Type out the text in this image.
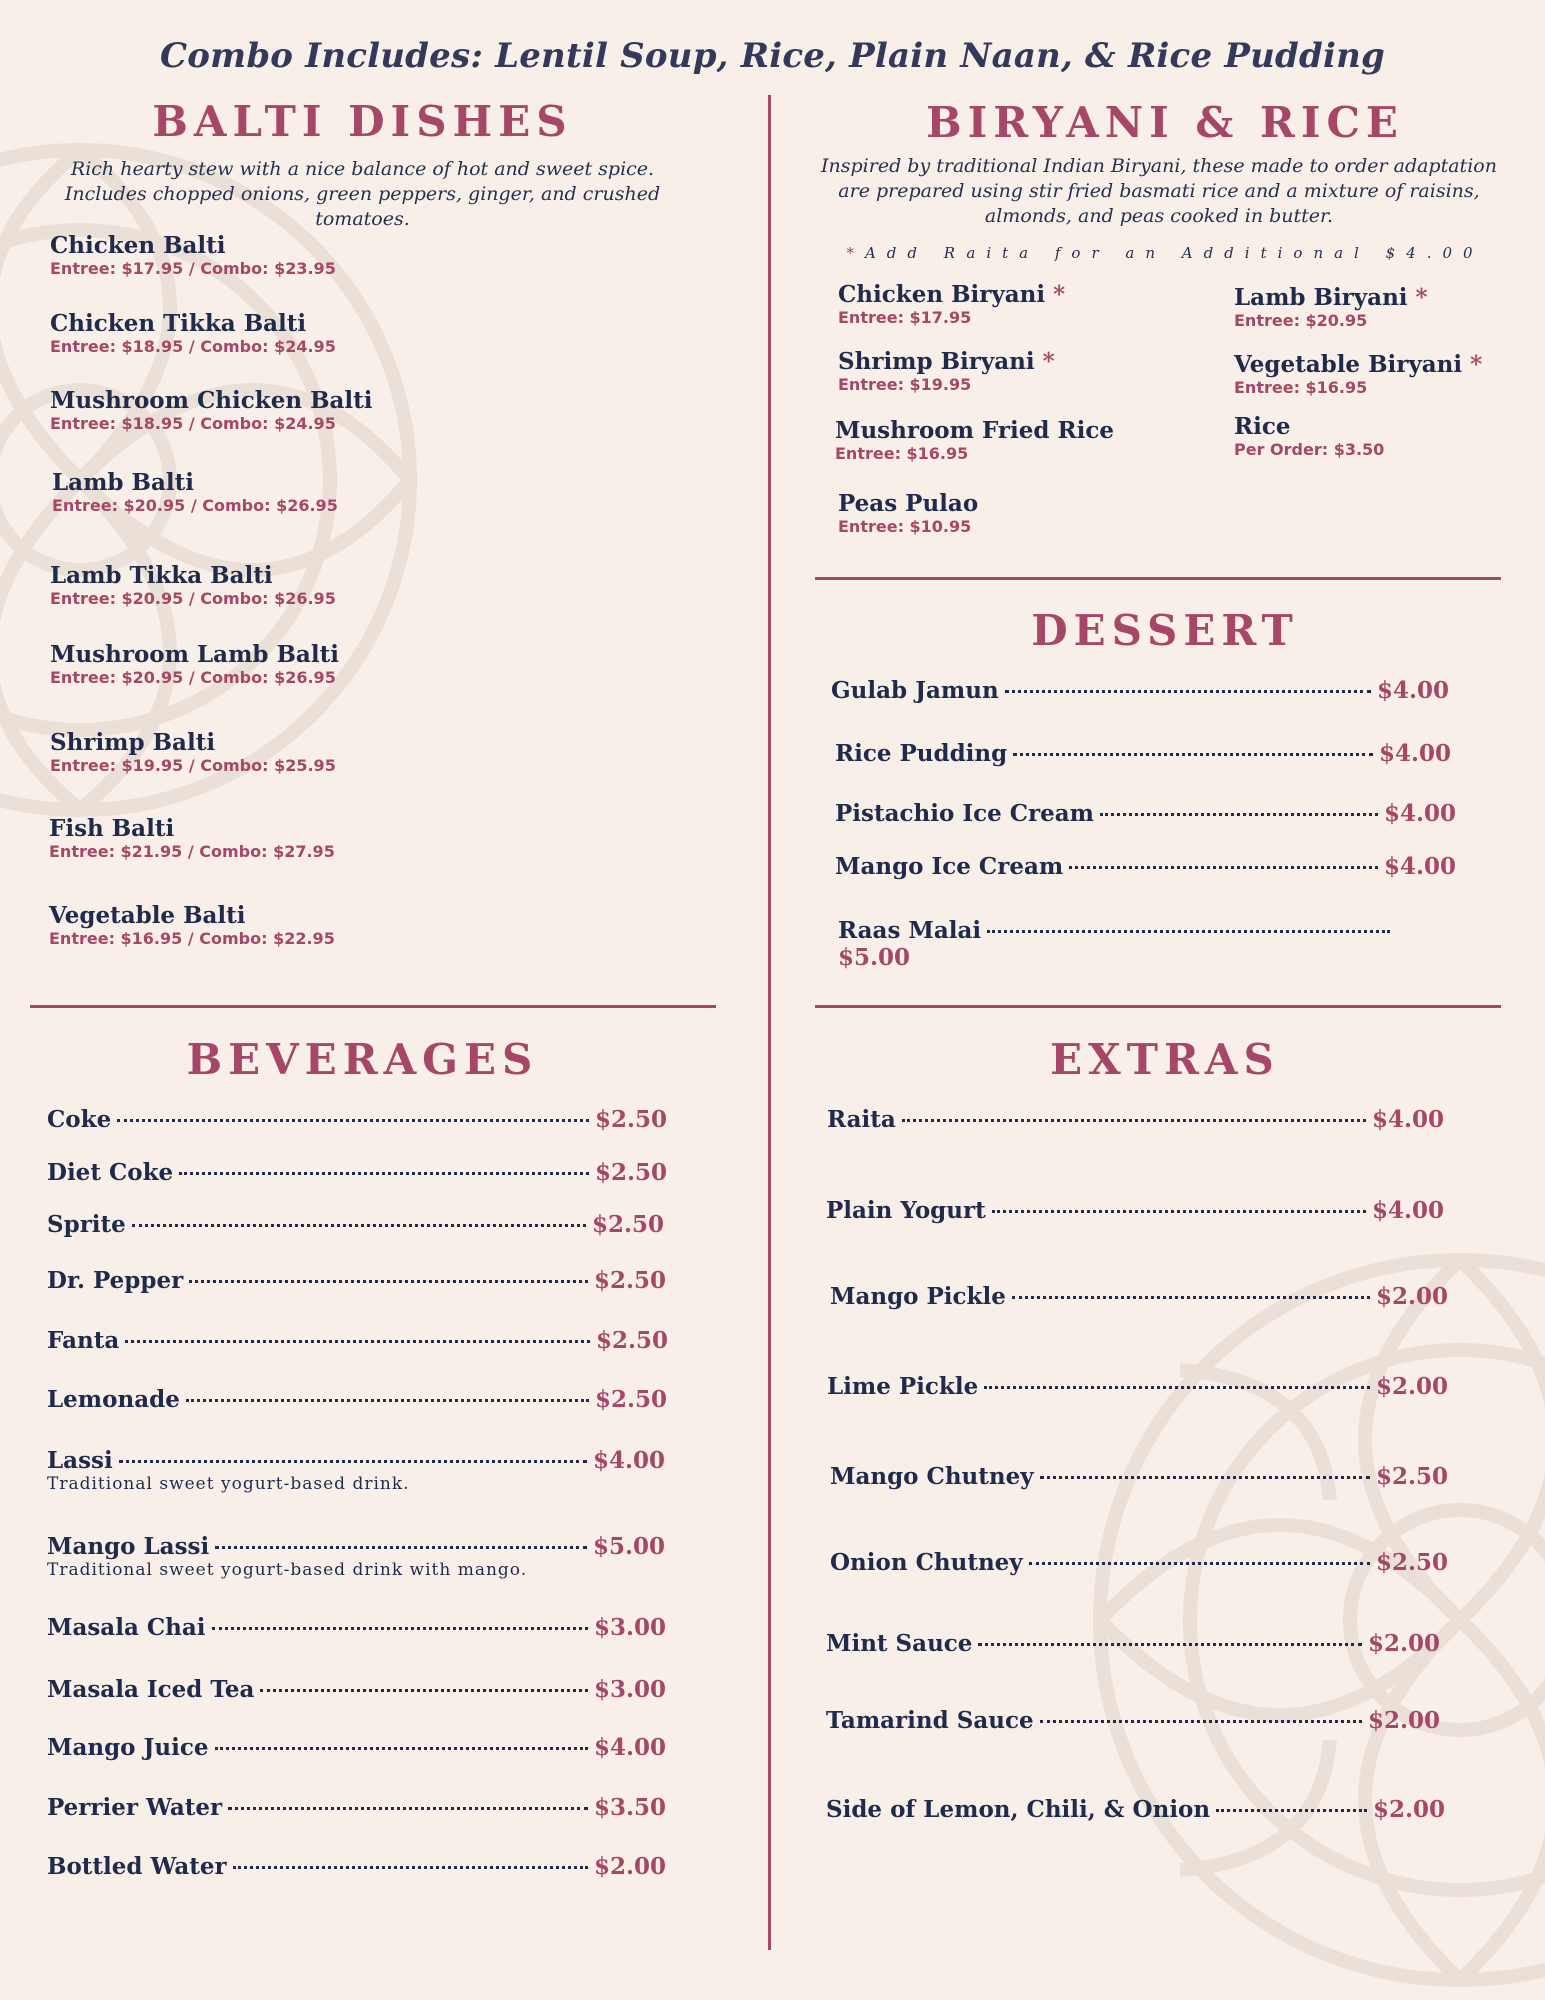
Combo Includes: Lentil Soup, Rice, Plain Naan, & Rice Pudding
BALTI DISHES
Rich hearty stew with a nice balance of hot and sweet spice. Includes chopped onions, green peppers, ginger, and crushed tomatoes.
Chicken Balti
Entree: $17.95 / Combo: $23.95
Chicken Tikka Balti
Entree: $18.95 / Combo: $24.95
Mushroom Chicken Balti
Entree: $18.95 / Combo: $24.95
Lamb Balti
Entree: $20.95 / Combo: $26.95
Lamb Tikka Balti
Entree: $20.95 / Combo: $26.95
Mushroom Lamb Balti
Entree: $20.95 / Combo: $26.95
Shrimp Balti
Entree: $19.95 / Combo: $25.95
Fish Balti
Entree: $21.95 / Combo: $27.95
Vegetable Balti
Entree: $16.95 / Combo: $22.95
BIRYANI & RICE
Inspired by traditional Indian Biryani, these made to order adaptation are prepared using stir fried basmati rice and a mixture of raisins, almonds, and peas cooked in butter.
*Add Raita for an Additional $4.00
Chicken Biryani *
Entree: $17.95
Shrimp Biryani *
Entree: $19.95
Mushroom Fried Rice
Entree: $16.95
Peas Pulao
Entree: $10.95
Lamb Biryani *
Entree: $20.95
Vegetable Biryani *
Entree: $16.95
Rice
Per Order: $3.50
DESSERT
Gulab Jamun	$4.00
Rice Pudding	$4.00
Pistachio Ice Cream	$4.00
Mango Ice Cream	$4.00
Raas Malai
$5.00
BEVERAGES
Coke	$2.50
Diet Coke	$2.50
Sprite	$2.50
Dr. Pepper	$2.50
Fanta	$2.50
Lemonade	$2.50
Lassi	$4.00
Traditional sweet yogurt-based drink.
Mango Lassi	$5.00
Traditional sweet yogurt-based drink with mango.
Masala Chai	$3.00
Masala Iced Tea	$3.00
Mango Juice	$4.00
Perrier Water	$3.50
Bottled Water	$2.00
EXTRAS
Raita	$4.00
Plain Yogurt	$4.00
Mango Pickle	$2.00
Lime Pickle	$2.00
Mango Chutney	$2.50
Onion Chutney	$2.50
Mint Sauce	$2.00
Tamarind Sauce	$2.00
Side of Lemon, Chili, & Onion	$2.00
